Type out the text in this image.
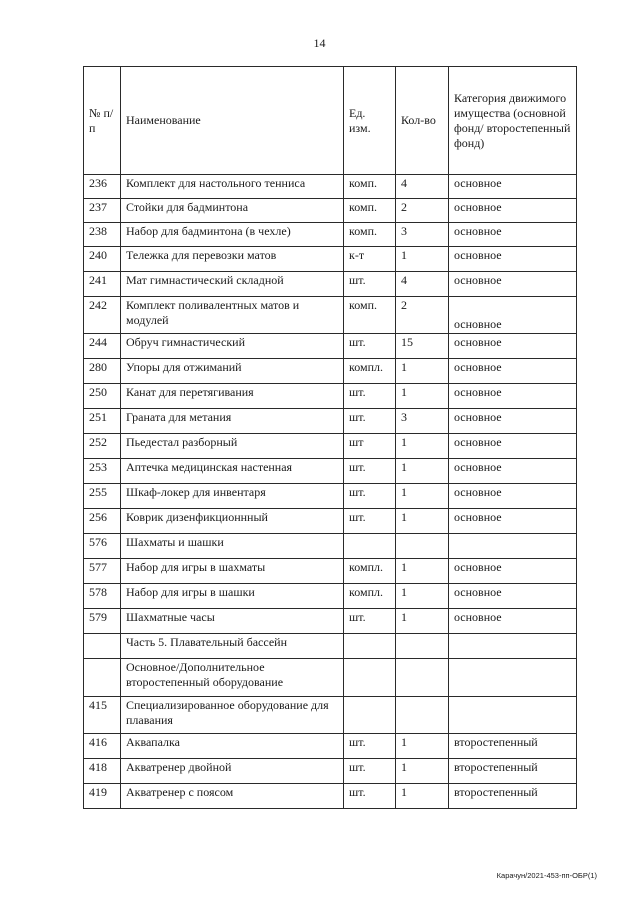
14
№ п/п	Наименование	Ед. изм.	Кол-во	Категория движимого имущества (основной фонд/ второстепенный фонд)
236	Комплект для настольного тенниса	комп.	4	основное
237	Стойки для бадминтона	комп.	2	основное
238	Набор для бадминтона (в чехле)	комп.	3	основное
240	Тележка для перевозки матов	к-т	1	основное
241	Мат гимнастический складной	шт.	4	основное
242	Комплект поливалентных матов и модулей	комп.	2	основное
244	Обруч гимнастический	шт.	15	основное
280	Упоры для отжиманий	компл.	1	основное
250	Канат для перетягивания	шт.	1	основное
251	Граната для метания	шт.	3	основное
252	Пьедестал разборный	шт	1	основное
253	Аптечка медицинская настенная	шт.	1	основное
255	Шкаф-локер для инвентаря	шт.	1	основное
256	Коврик дизенфикционнный	шт.	1	основное
576	Шахматы и шашки			
577	Набор для игры в шахматы	компл.	1	основное
578	Набор для игры в шашки	компл.	1	основное
579	Шахматные часы	шт.	1	основное
	Часть 5. Плавательный бассейн			
	Основное/Дополнительное второстепенный оборудование			
415	Специализированное оборудование для плавания			
416	Аквапалка	шт.	1	второстепенный
418	Акватренер двойной	шт.	1	второстепенный
419	Акватренер с поясом	шт.	1	второстепенный
Карачун/2021-453-пп-ОБР(1)
